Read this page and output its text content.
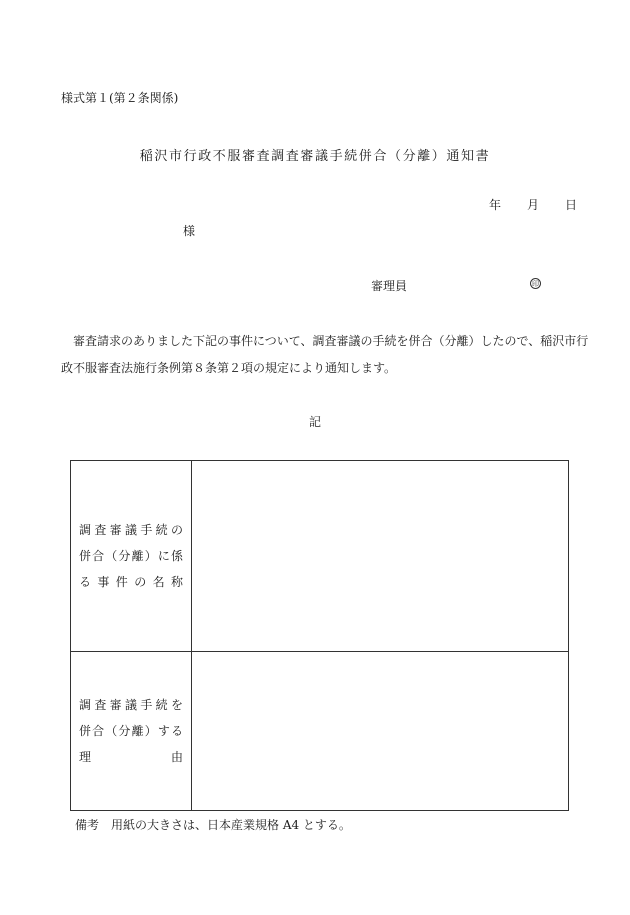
様式第１(第２条関係)
稲沢市行政不服審査調査審議手続併合（分離）通知書
年 月 日
様
審理員	印
審査請求のありました下記の事件について、調査審議の手続を併合（分離）したので、稲沢市行政不服審査法施行条例第８条第２項の規定により通知します。
記
調査審議手続の
併合（分離）に係
る事件の名称	

調査審議手続を
併合（分離）する
理由	

備考　用紙の大きさは、日本産業規格 A4 とする。
